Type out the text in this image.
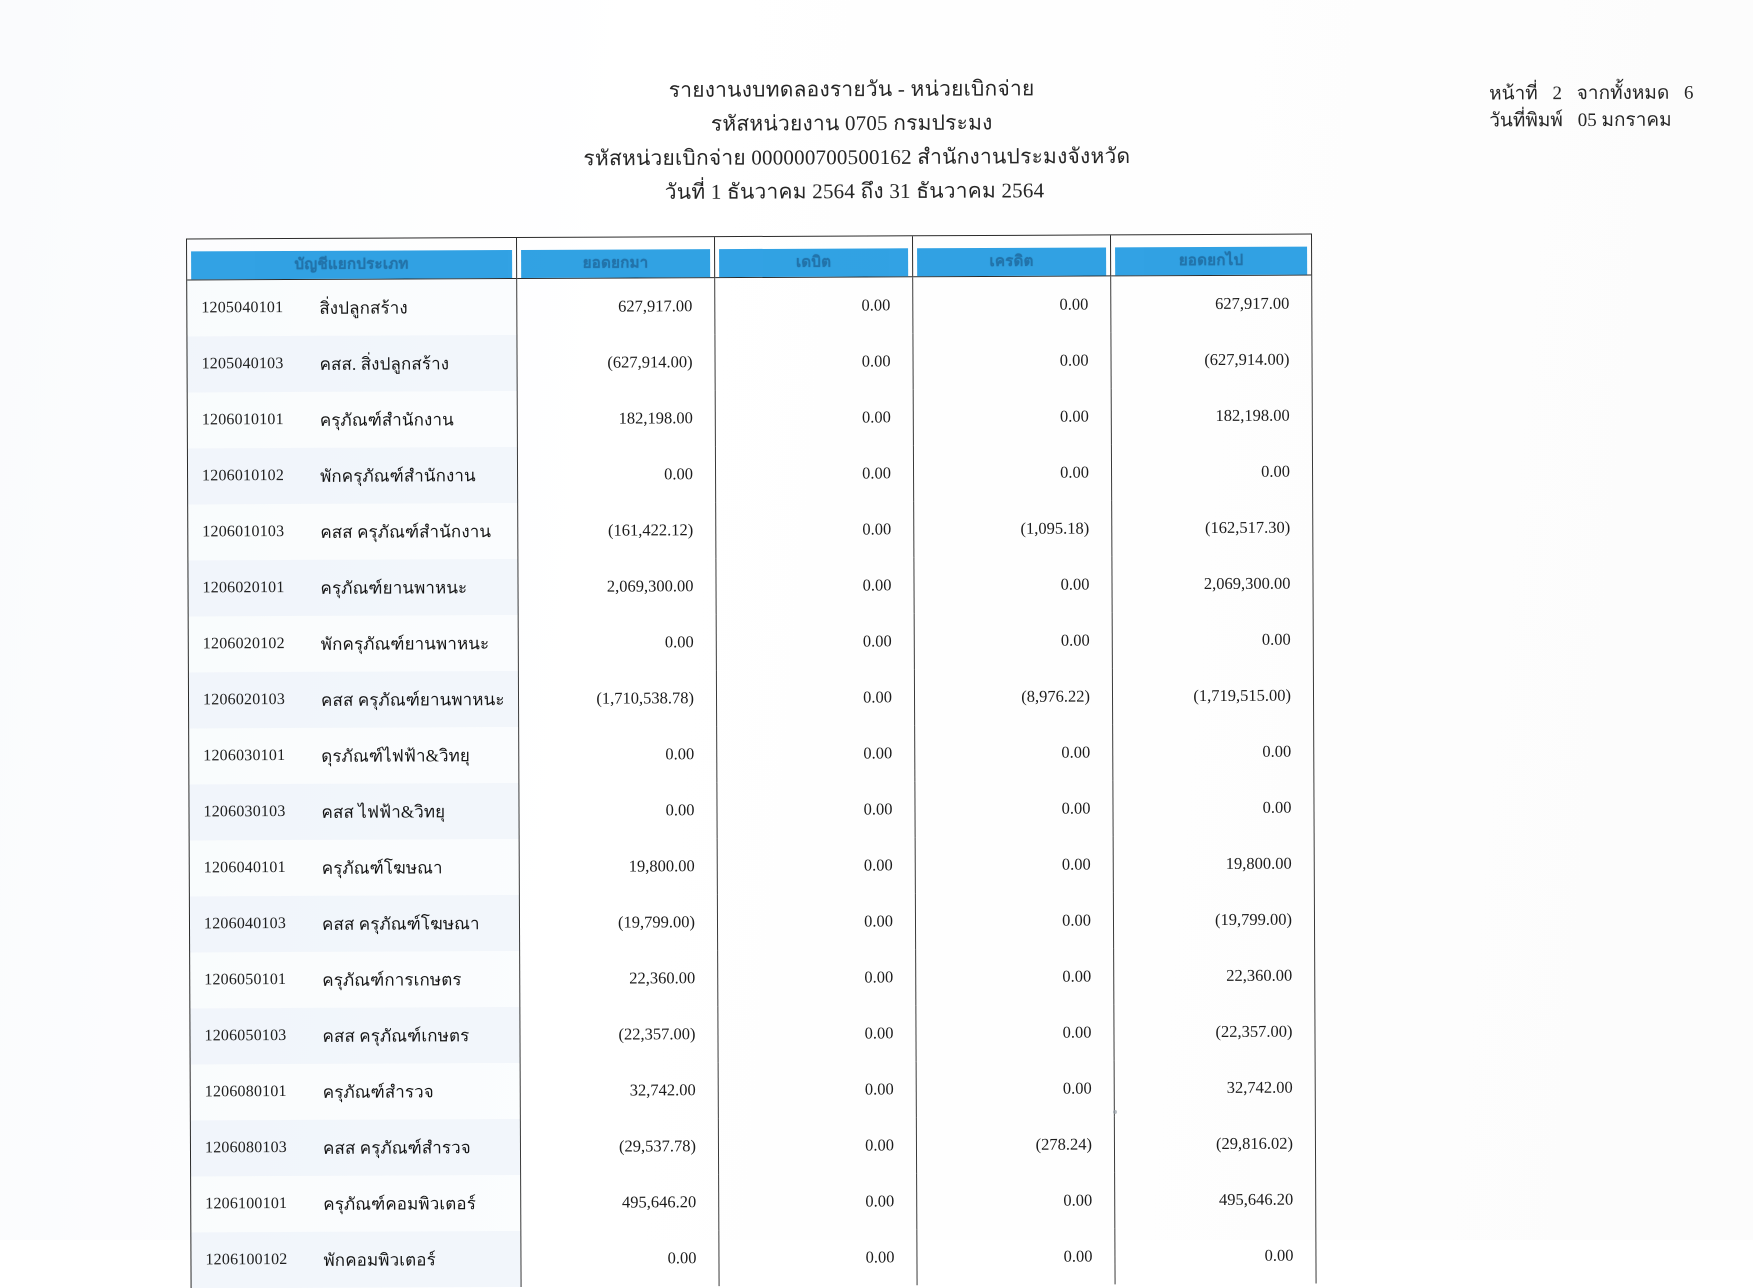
รายงานงบทดลองรายวัน - หน่วยเบิกจ่าย
รหัสหน่วยงาน 0705 กรมประมง
รหัสหน่วยเบิกจ่าย 000000700500162 สำนักงานประมงจังหวัด
วันที่ 1 ธันวาคม 2564 ถึง 31 ธันวาคม 2564
หน้าที่ 2 จากทั้งหมด 6
วันที่พิมพ์ 05 มกราคม
บัญชีแยกประเภท	ยอดยกมา	เดบิต	เครดิต	ยอดยกไป

1205040101 สิ่งปลูกสร้าง	627,917.00	0.00	0.00	627,917.00

1205040103 คสส. สิ่งปลูกสร้าง	(627,914.00)	0.00	0.00	(627,914.00)

1206010101 ครุภัณฑ์สำนักงาน	182,198.00	0.00	0.00	182,198.00

1206010102 พักครุภัณฑ์สำนักงาน	0.00	0.00	0.00	0.00

1206010103 คสส ครุภัณฑ์สำนักงาน	(161,422.12)	0.00	(1,095.18)	(162,517.30)

1206020101 ครุภัณฑ์ยานพาหนะ	2,069,300.00	0.00	0.00	2,069,300.00

1206020102 พักครุภัณฑ์ยานพาหนะ	0.00	0.00	0.00	0.00

1206020103 คสส ครุภัณฑ์ยานพาหนะ	(1,710,538.78)	0.00	(8,976.22)	(1,719,515.00)

1206030101 ดุรภัณฑ์ไฟฟ้า&วิทยุ	0.00	0.00	0.00	0.00

1206030103 คสส ไฟฟ้า&วิทยุ	0.00	0.00	0.00	0.00

1206040101 ครุภัณฑ์โฆษณา	19,800.00	0.00	0.00	19,800.00

1206040103 คสส ครุภัณฑ์โฆษณา	(19,799.00)	0.00	0.00	(19,799.00)

1206050101 ครุภัณฑ์การเกษตร	22,360.00	0.00	0.00	22,360.00

1206050103 คสส ครุภัณฑ์เกษตร	(22,357.00)	0.00	0.00	(22,357.00)

1206080101 ครุภัณฑ์สำรวจ	32,742.00	0.00	0.00	32,742.00

1206080103 คสส ครุภัณฑ์สำรวจ	(29,537.78)	0.00	(278.24)	(29,816.02)

1206100101 ครุภัณฑ์คอมพิวเตอร์	495,646.20	0.00	0.00	495,646.20

1206100102 พักคอมพิวเตอร์	0.00	0.00	0.00	0.00
